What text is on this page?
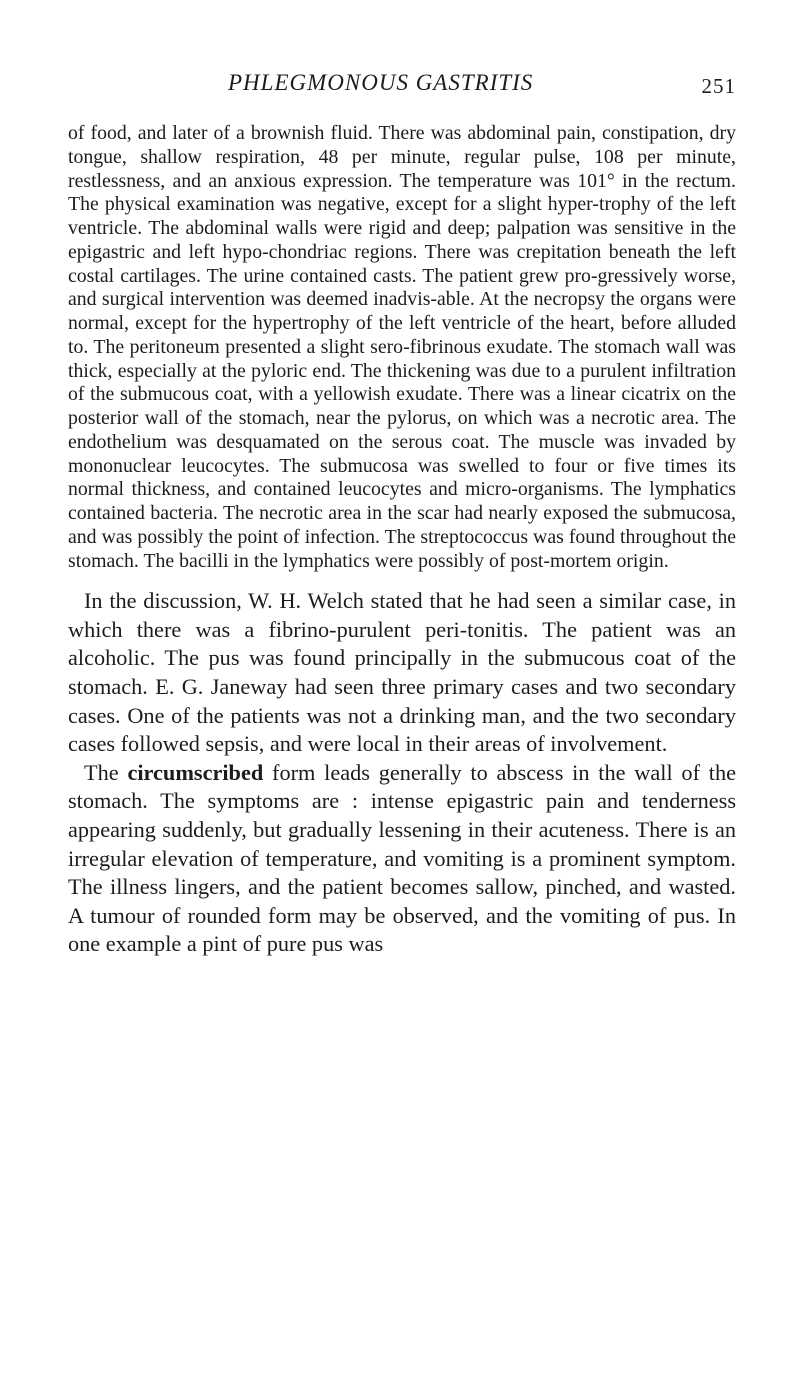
PHLEGMONOUS GASTRITIS	251

of food, and later of a brownish fluid. There was abdominal pain, constipation, dry tongue, shallow respiration, 48 per minute, regular pulse, 108 per minute, restlessness, and an anxious expression. The temperature was 101° in the rectum. The physical examination was negative, except for a slight hyper-trophy of the left ventricle. The abdominal walls were rigid and deep; palpation was sensitive in the epigastric and left hypo-chondriac regions. There was crepitation beneath the left costal cartilages. The urine contained casts. The patient grew pro-gressively worse, and surgical intervention was deemed inadvis-able. At the necropsy the organs were normal, except for the hypertrophy of the left ventricle of the heart, before alluded to. The peritoneum presented a slight sero-fibrinous exudate. The stomach wall was thick, especially at the pyloric end. The thickening was due to a purulent infiltration of the submucous coat, with a yellowish exudate. There was a linear cicatrix on the posterior wall of the stomach, near the pylorus, on which was a necrotic area. The endothelium was desquamated on the serous coat. The muscle was invaded by mononuclear leucocytes. The submucosa was swelled to four or five times its normal thickness, and contained leucocytes and micro-organisms. The lymphatics contained bacteria. The necrotic area in the scar had nearly exposed the submucosa, and was possibly the point of infection. The streptococcus was found throughout the stomach. The bacilli in the lymphatics were possibly of post-mortem origin.

In the discussion, W. H. Welch stated that he had seen a similar case, in which there was a fibrino-purulent peri-tonitis. The patient was an alcoholic. The pus was found principally in the submucous coat of the stomach. E. G. Janeway had seen three primary cases and two secondary cases. One of the patients was not a drinking man, and the two secondary cases followed sepsis, and were local in their areas of involvement.

The circumscribed form leads generally to abscess in the wall of the stomach. The symptoms are : intense epigastric pain and tenderness appearing suddenly, but gradually lessening in their acuteness. There is an irregular elevation of temperature, and vomiting is a prominent symptom. The illness lingers, and the patient becomes sallow, pinched, and wasted. A tumour of rounded form may be observed, and the vomiting of pus. In one example a pint of pure pus was
